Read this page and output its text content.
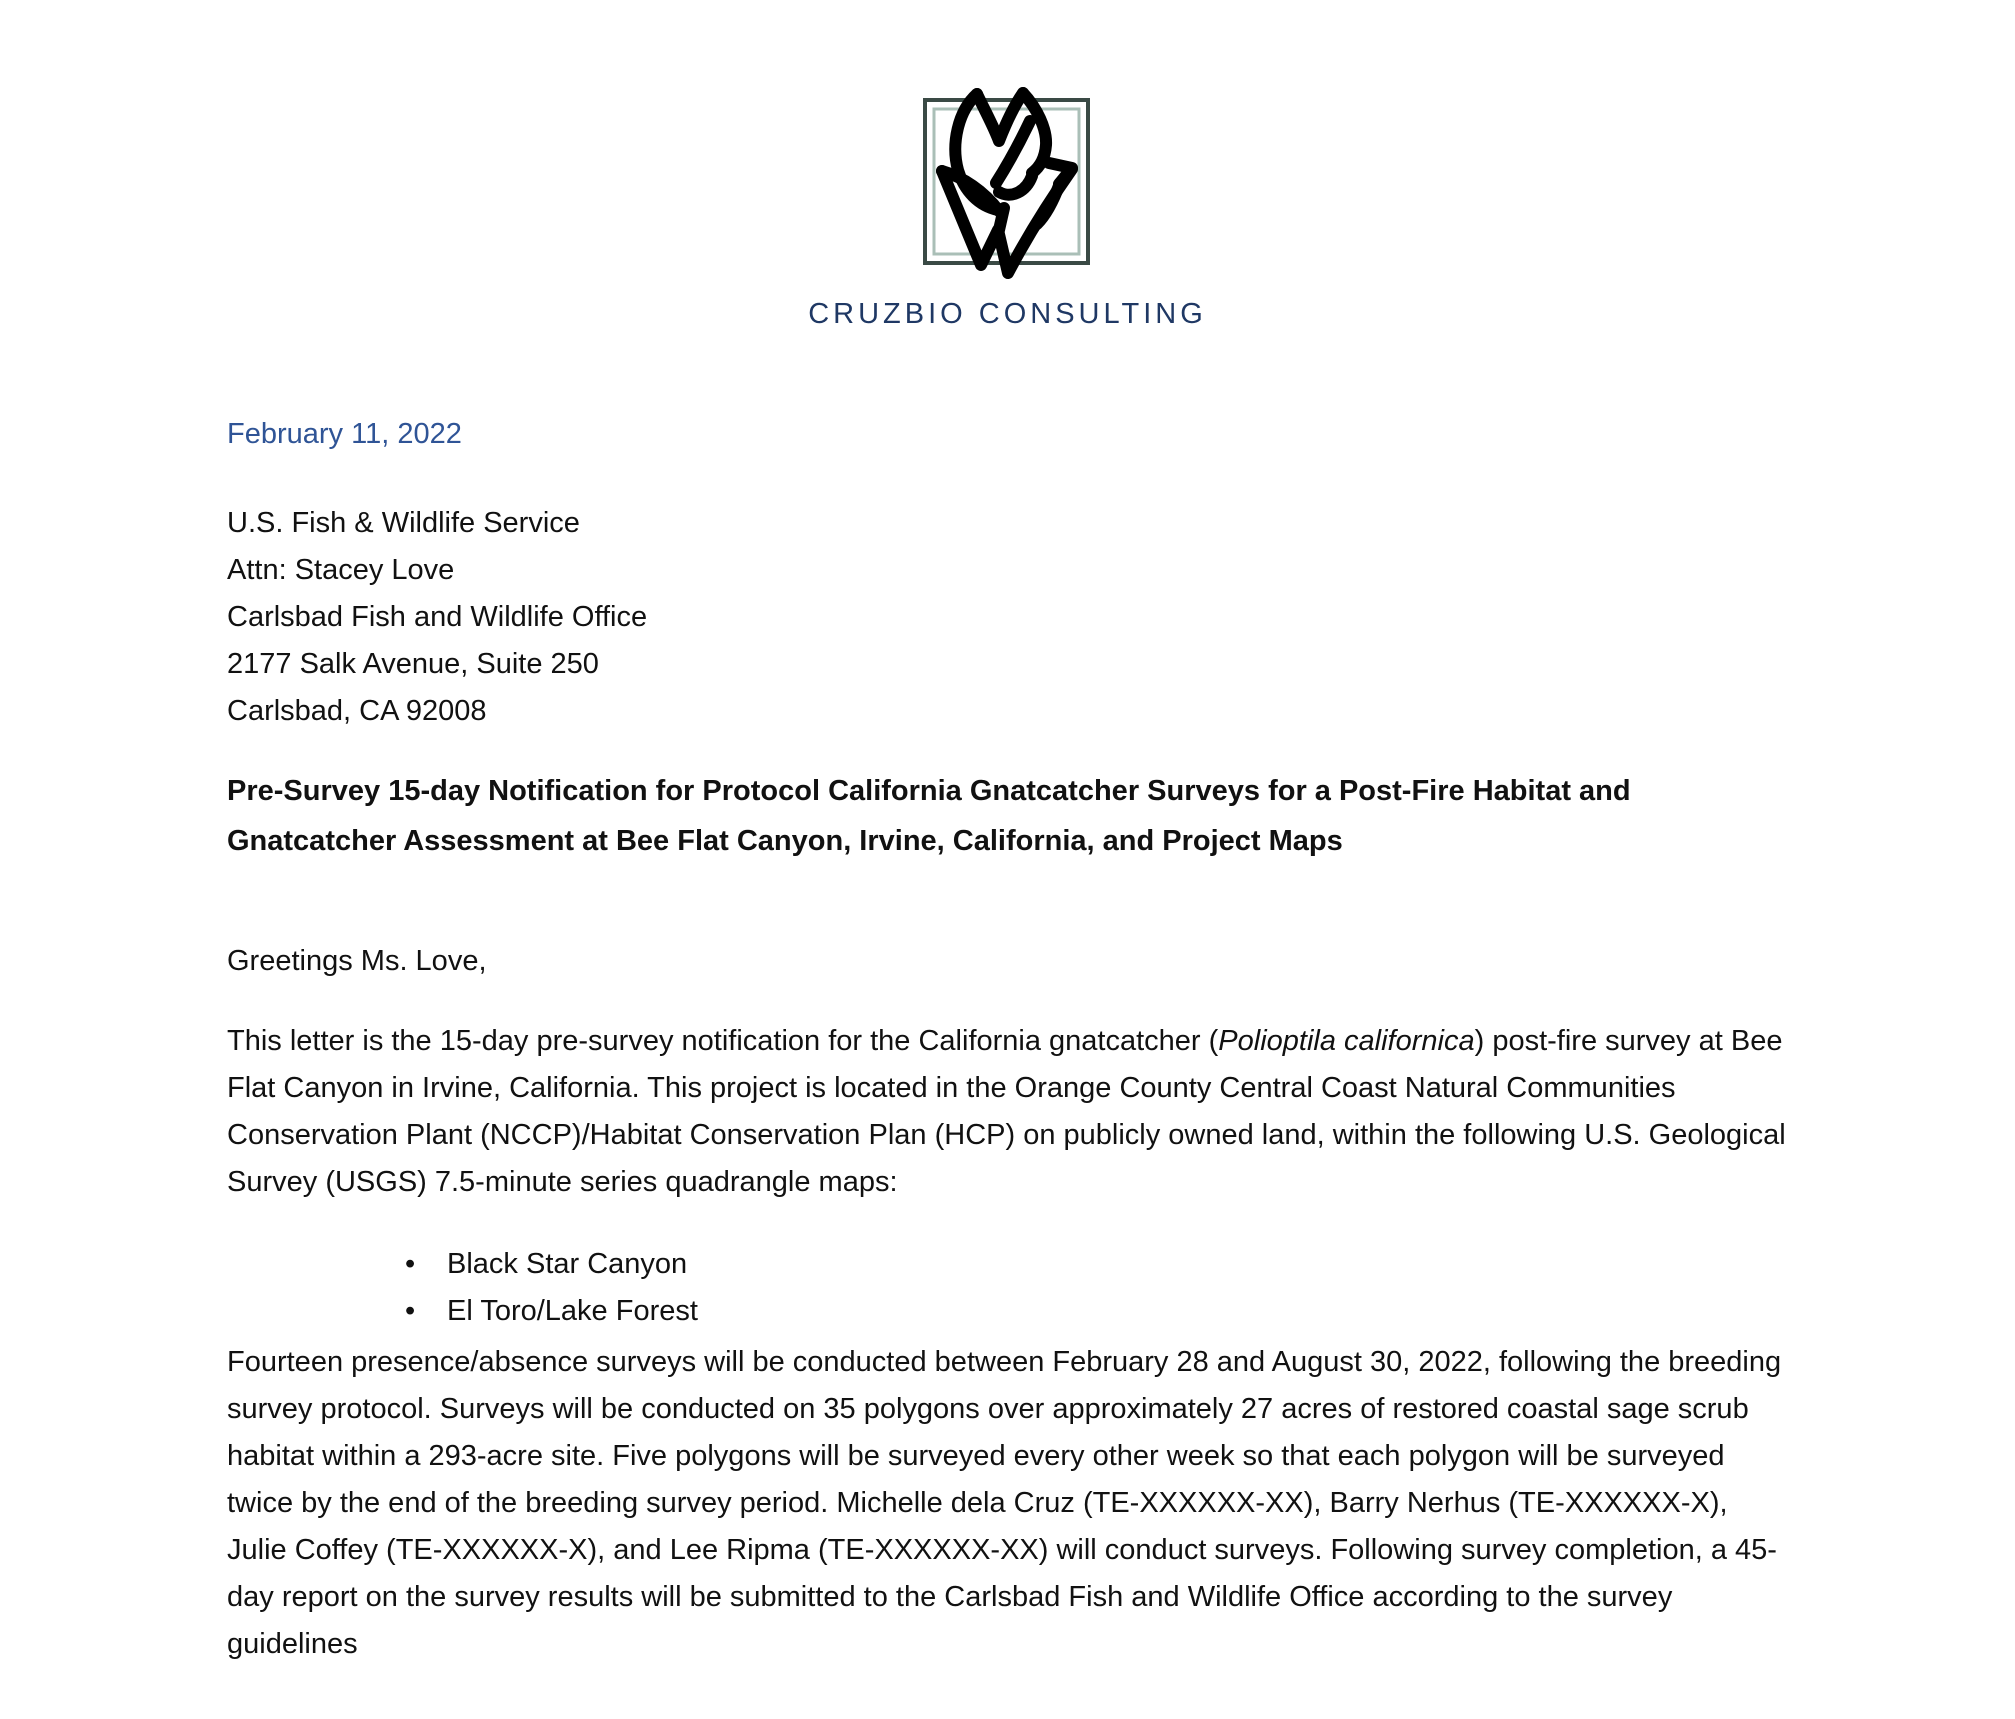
CRUZBIO CONSULTING

February 11, 2022

U.S. Fish & Wildlife Service
Attn: Stacey Love
Carlsbad Fish and Wildlife Office
2177 Salk Avenue, Suite 250
Carlsbad, CA 92008

Pre-Survey 15-day Notification for Protocol California Gnatcatcher Surveys for a Post-Fire Habitat and Gnatcatcher Assessment at Bee Flat Canyon, Irvine, California, and Project Maps

Greetings Ms. Love,

This letter is the 15-day pre-survey notification for the California gnatcatcher (Polioptila californica) post-fire survey at Bee Flat Canyon in Irvine, California. This project is located in the Orange County Central Coast Natural Communities Conservation Plant (NCCP)/Habitat Conservation Plan (HCP) on publicly owned land, within the following U.S. Geological Survey (USGS) 7.5-minute series quadrangle maps:

• Black Star Canyon
• El Toro/Lake Forest

Fourteen presence/absence surveys will be conducted between February 28 and August 30, 2022, following the breeding survey protocol. Surveys will be conducted on 35 polygons over approximately 27 acres of restored coastal sage scrub habitat within a 293-acre site. Five polygons will be surveyed every other week so that each polygon will be surveyed twice by the end of the breeding survey period. Michelle dela Cruz (TE-XXXXXX-XX), Barry Nerhus (TE-XXXXXX-X), Julie Coffey (TE-XXXXXX-X), and Lee Ripma (TE-XXXXXX-XX) will conduct surveys. Following survey completion, a 45-day report on the survey results will be submitted to the Carlsbad Fish and Wildlife Office according to the survey guidelines
